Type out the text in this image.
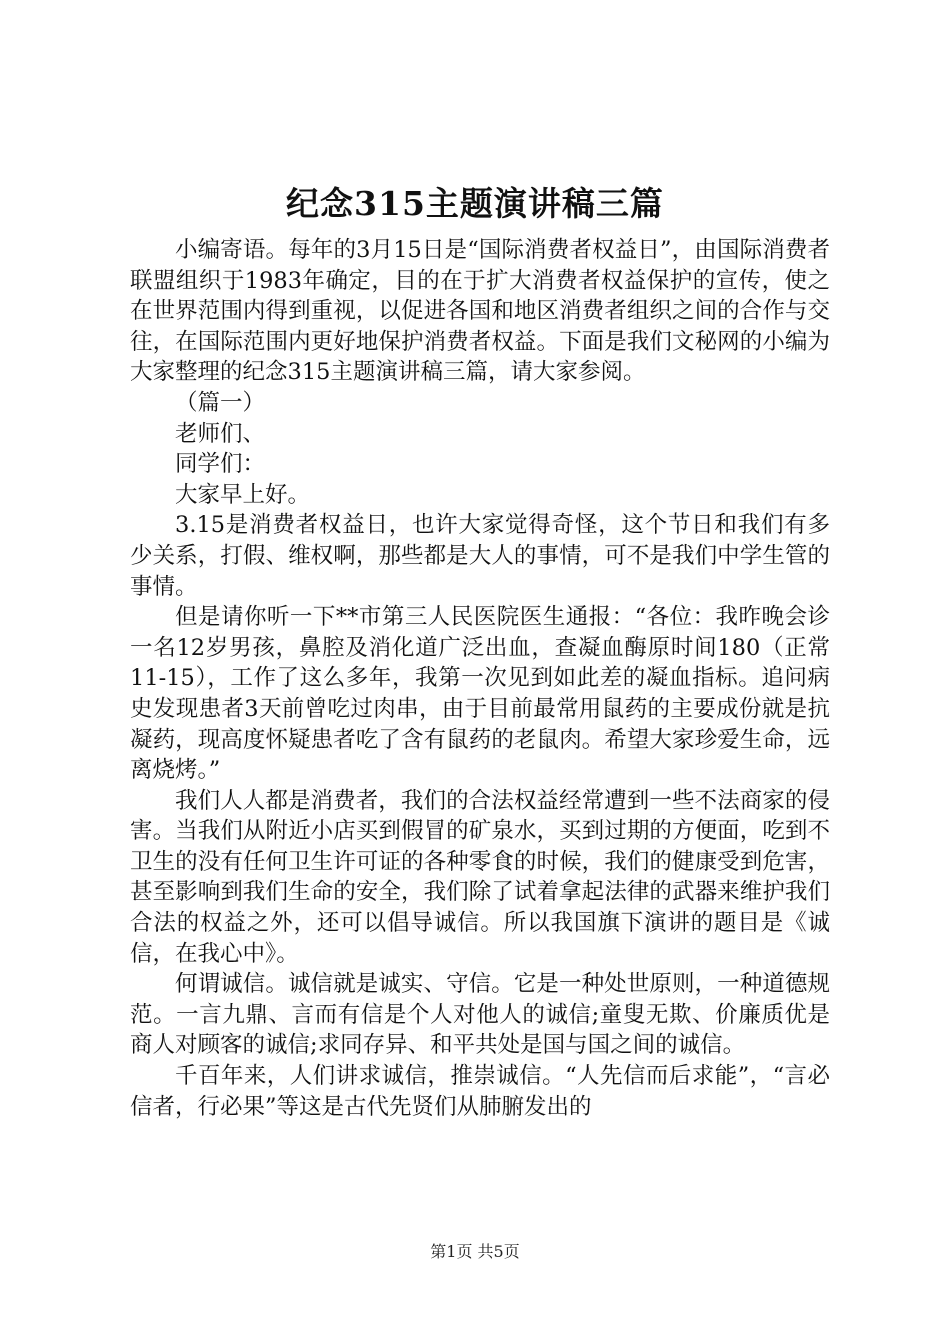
纪念315主题演讲稿三篇

小编寄语。每年的3月15日是“国际消费者权益日”，由国际消费者联盟组织于1983年确定，目的在于扩大消费者权益保护的宣传，使之在世界范围内得到重视，以促进各国和地区消费者组织之间的合作与交往，在国际范围内更好地保护消费者权益。下面是我们文秘网的小编为大家整理的纪念315主题演讲稿三篇，请大家参阅。

（篇一）

老师们、

同学们：

大家早上好。

3.15是消费者权益日，也许大家觉得奇怪，这个节日和我们有多少关系，打假、维权啊，那些都是大人的事情，可不是我们中学生管的事情。

但是请你听一下**市第三人民医院医生通报：“各位：我昨晚会诊一名12岁男孩，鼻腔及消化道广泛出血，查凝血酶原时间180（正常11-15），工作了这么多年，我第一次见到如此差的凝血指标。追问病史发现患者3天前曾吃过肉串，由于目前最常用鼠药的主要成份就是抗凝药，现高度怀疑患者吃了含有鼠药的老鼠肉。希望大家珍爱生命，远离烧烤。”

我们人人都是消费者，我们的合法权益经常遭到一些不法商家的侵害。当我们从附近小店买到假冒的矿泉水，买到过期的方便面，吃到不卫生的没有任何卫生许可证的各种零食的时候，我们的健康受到危害，甚至影响到我们生命的安全，我们除了试着拿起法律的武器来维护我们合法的权益之外，还可以倡导诚信。所以我国旗下演讲的题目是《诚信，在我心中》。

何谓诚信。诚信就是诚实、守信。它是一种处世原则，一种道德规范。一言九鼎、言而有信是个人对他人的诚信;童叟无欺、价廉质优是商人对顾客的诚信;求同存异、和平共处是国与国之间的诚信。

千百年来，人们讲求诚信，推崇诚信。“人先信而后求能”，“言必信者，行必果”等这是古代先贤们从肺腑发出的

第1页 共5页
